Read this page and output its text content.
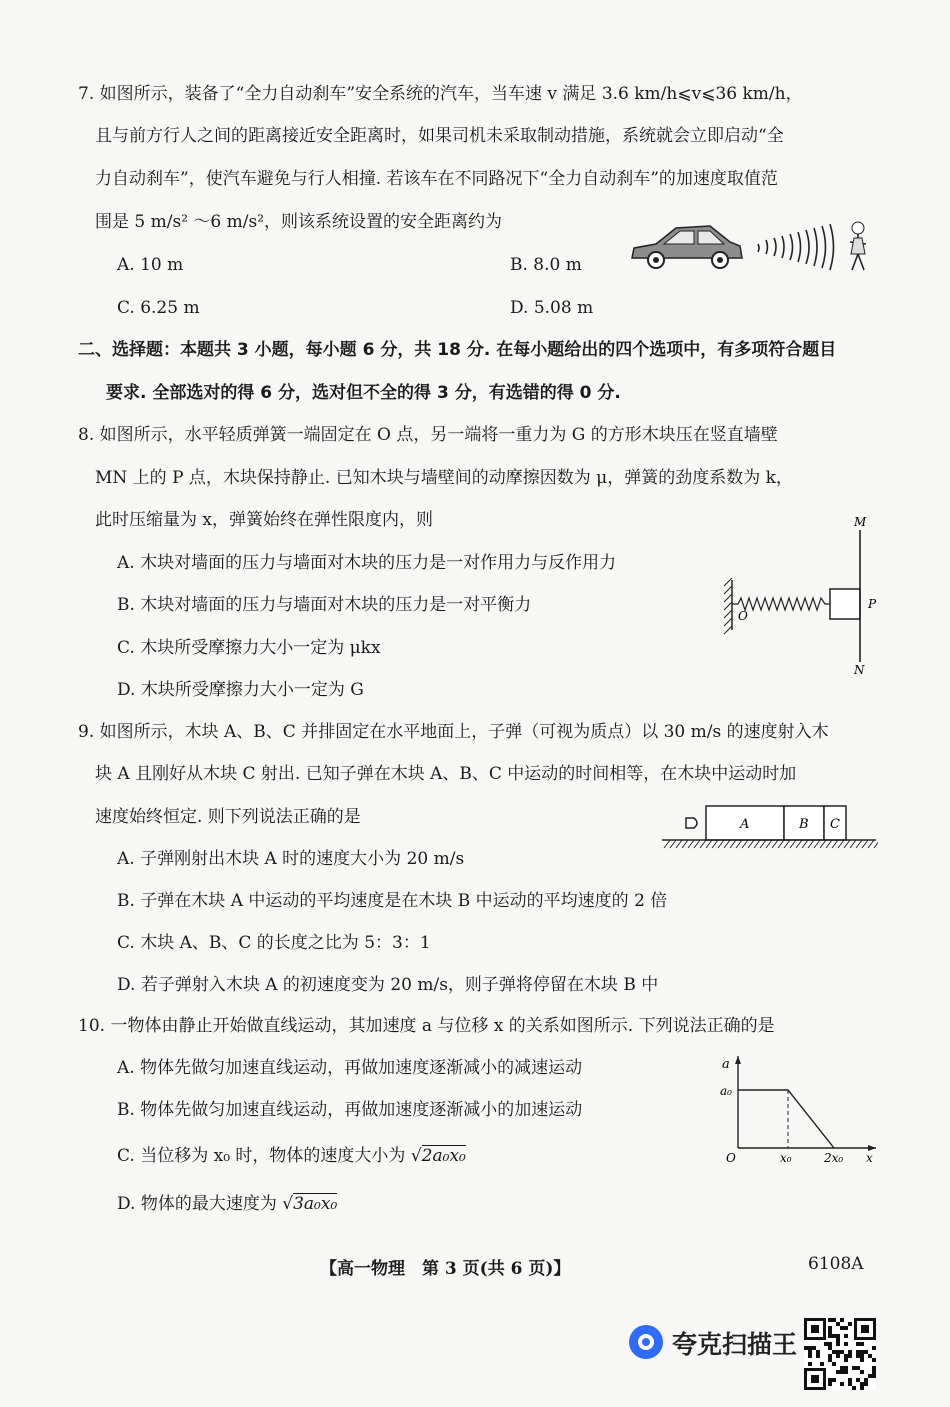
7. 如图所示，装备了“全力自动刹车”安全系统的汽车，当车速 v 满足 3.6 km/h⩽v⩽36 km/h，
且与前方行人之间的距离接近安全距离时，如果司机未采取制动措施，系统就会立即启动“全
力自动刹车”，使汽车避免与行人相撞. 若该车在不同路况下“全力自动刹车”的加速度取值范
围是 5 m/s² ～6 m/s²，则该系统设置的安全距离约为
A. 10 m	B. 8.0 m
C. 6.25 m	D. 5.08 m
二、选择题：本题共 3 小题，每小题 6 分，共 18 分. 在每小题给出的四个选项中，有多项符合题目
要求. 全部选对的得 6 分，选对但不全的得 3 分，有选错的得 0 分.
8. 如图所示，水平轻质弹簧一端固定在 O 点，另一端将一重力为 G 的方形木块压在竖直墙壁
MN 上的 P 点，木块保持静止. 已知木块与墙壁间的动摩擦因数为 μ，弹簧的劲度系数为 k，
此时压缩量为 x，弹簧始终在弹性限度内，则
A. 木块对墙面的压力与墙面对木块的压力是一对作用力与反作用力
B. 木块对墙面的压力与墙面对木块的压力是一对平衡力
C. 木块所受摩擦力大小一定为 μkx
D. 木块所受摩擦力大小一定为 G
M
N
O
P
9. 如图所示，木块 A、B、C 并排固定在水平地面上，子弹（可视为质点）以 30 m/s 的速度射入木
块 A 且刚好从木块 C 射出. 已知子弹在木块 A、B、C 中运动的时间相等，在木块中运动时加
速度始终恒定. 则下列说法正确的是
A. 子弹刚射出木块 A 时的速度大小为 20 m/s
B. 子弹在木块 A 中运动的平均速度是在木块 B 中运动的平均速度的 2 倍
C. 木块 A、B、C 的长度之比为 5：3：1
D. 若子弹射入木块 A 的初速度变为 20 m/s，则子弹将停留在木块 B 中
A	B C
10. 一物体由静止开始做直线运动，其加速度 a 与位移 x 的关系如图所示. 下列说法正确的是
A. 物体先做匀加速直线运动，再做加速度逐渐减小的减速运动
B. 物体先做匀加速直线运动，再做加速度逐渐减小的加速运动
C. 当位移为 x₀ 时，物体的速度大小为 √2a₀x₀
D. 物体的最大速度为 √3a₀x₀
a
a₀
O	x₀	2x₀ x
【高一物理　第 3 页(共 6 页)】	6108A
夸克扫描王
